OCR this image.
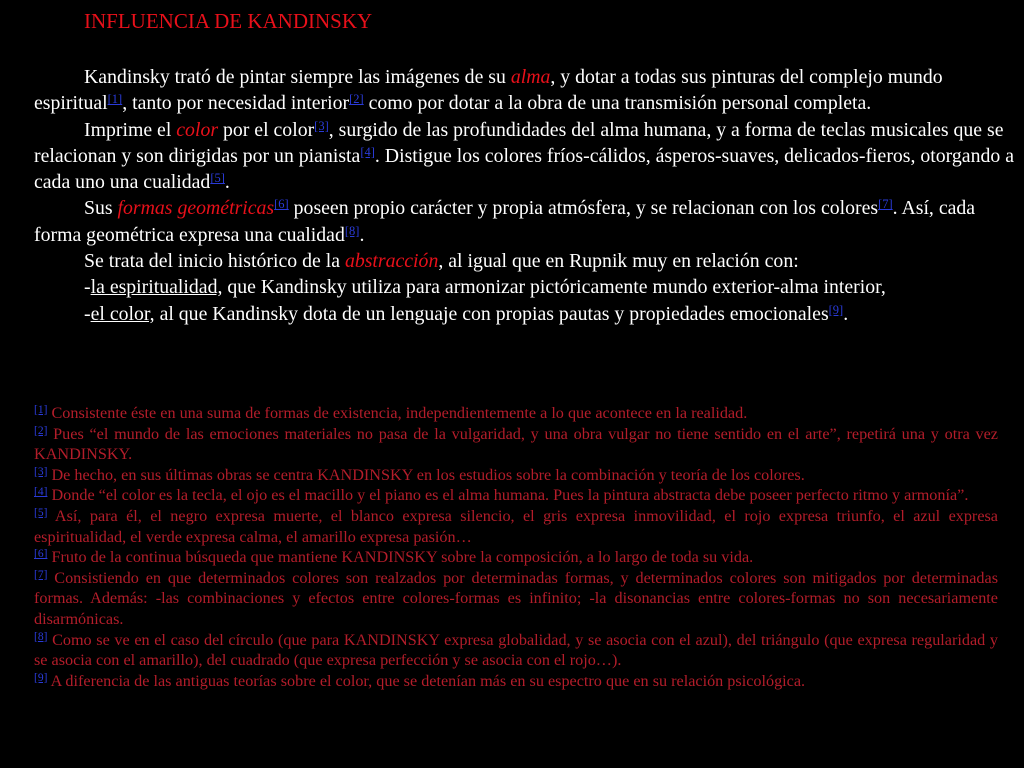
INFLUENCIA DE KANDINSKY

Kandinsky trató de pintar siempre las imágenes de su alma, y dotar a todas sus pinturas del complejo mundo espiritual[1], tanto por necesidad interior[2] como por dotar a la obra de una transmisión personal completa.

Imprime el color por el color[3], surgido de las profundidades del alma humana, y a forma de teclas musicales que se relacionan y son dirigidas por un pianista[4]. Distigue los colores fríos-cálidos, ásperos-suaves, delicados-fieros, otorgando a cada uno una cualidad[5].

Sus formas geométricas[6] poseen propio carácter y propia atmósfera, y se relacionan con los colores[7]. Así, cada forma geométrica expresa una cualidad[8].

Se trata del inicio histórico de la abstracción, al igual que en Rupnik muy en relación con:

-la espiritualidad, que Kandinsky utiliza para armonizar pictóricamente mundo exterior-alma interior,

-el color, al que Kandinsky dota de un lenguaje con propias pautas y propiedades emocionales[9].

[1] Consistente éste en una suma de formas de existencia, independientemente a lo que acontece en la realidad.

[2] Pues “el mundo de las emociones materiales no pasa de la vulgaridad, y una obra vulgar no tiene sentido en el arte”, repetirá una y otra vez KANDINSKY.

[3] De hecho, en sus últimas obras se centra KANDINSKY en los estudios sobre la combinación y teoría de los colores.

[4] Donde “el color es la tecla, el ojo es el macillo y el piano es el alma humana. Pues la pintura abstracta debe poseer perfecto ritmo y armonía”.

[5] Así, para él, el negro expresa muerte, el blanco expresa silencio, el gris expresa inmovilidad, el rojo expresa triunfo, el azul expresa espiritualidad, el verde expresa calma, el amarillo expresa pasión…

[6] Fruto de la continua búsqueda que mantiene KANDINSKY sobre la composición, a lo largo de toda su vida.

[7] Consistiendo en que determinados colores son realzados por determinadas formas, y determinados colores son mitigados por determinadas formas. Además: -las combinaciones y efectos entre colores-formas es infinito; -la disonancias entre colores-formas no son necesariamente disarmónicas.

[8] Como se ve en el caso del círculo (que para KANDINSKY expresa globalidad, y se asocia con el azul), del triángulo (que expresa regularidad y se asocia con el amarillo), del cuadrado (que expresa perfección y se asocia con el rojo…).

[9] A diferencia de las antiguas teorías sobre el color, que se detenían más en su espectro que en su relación psicológica.
